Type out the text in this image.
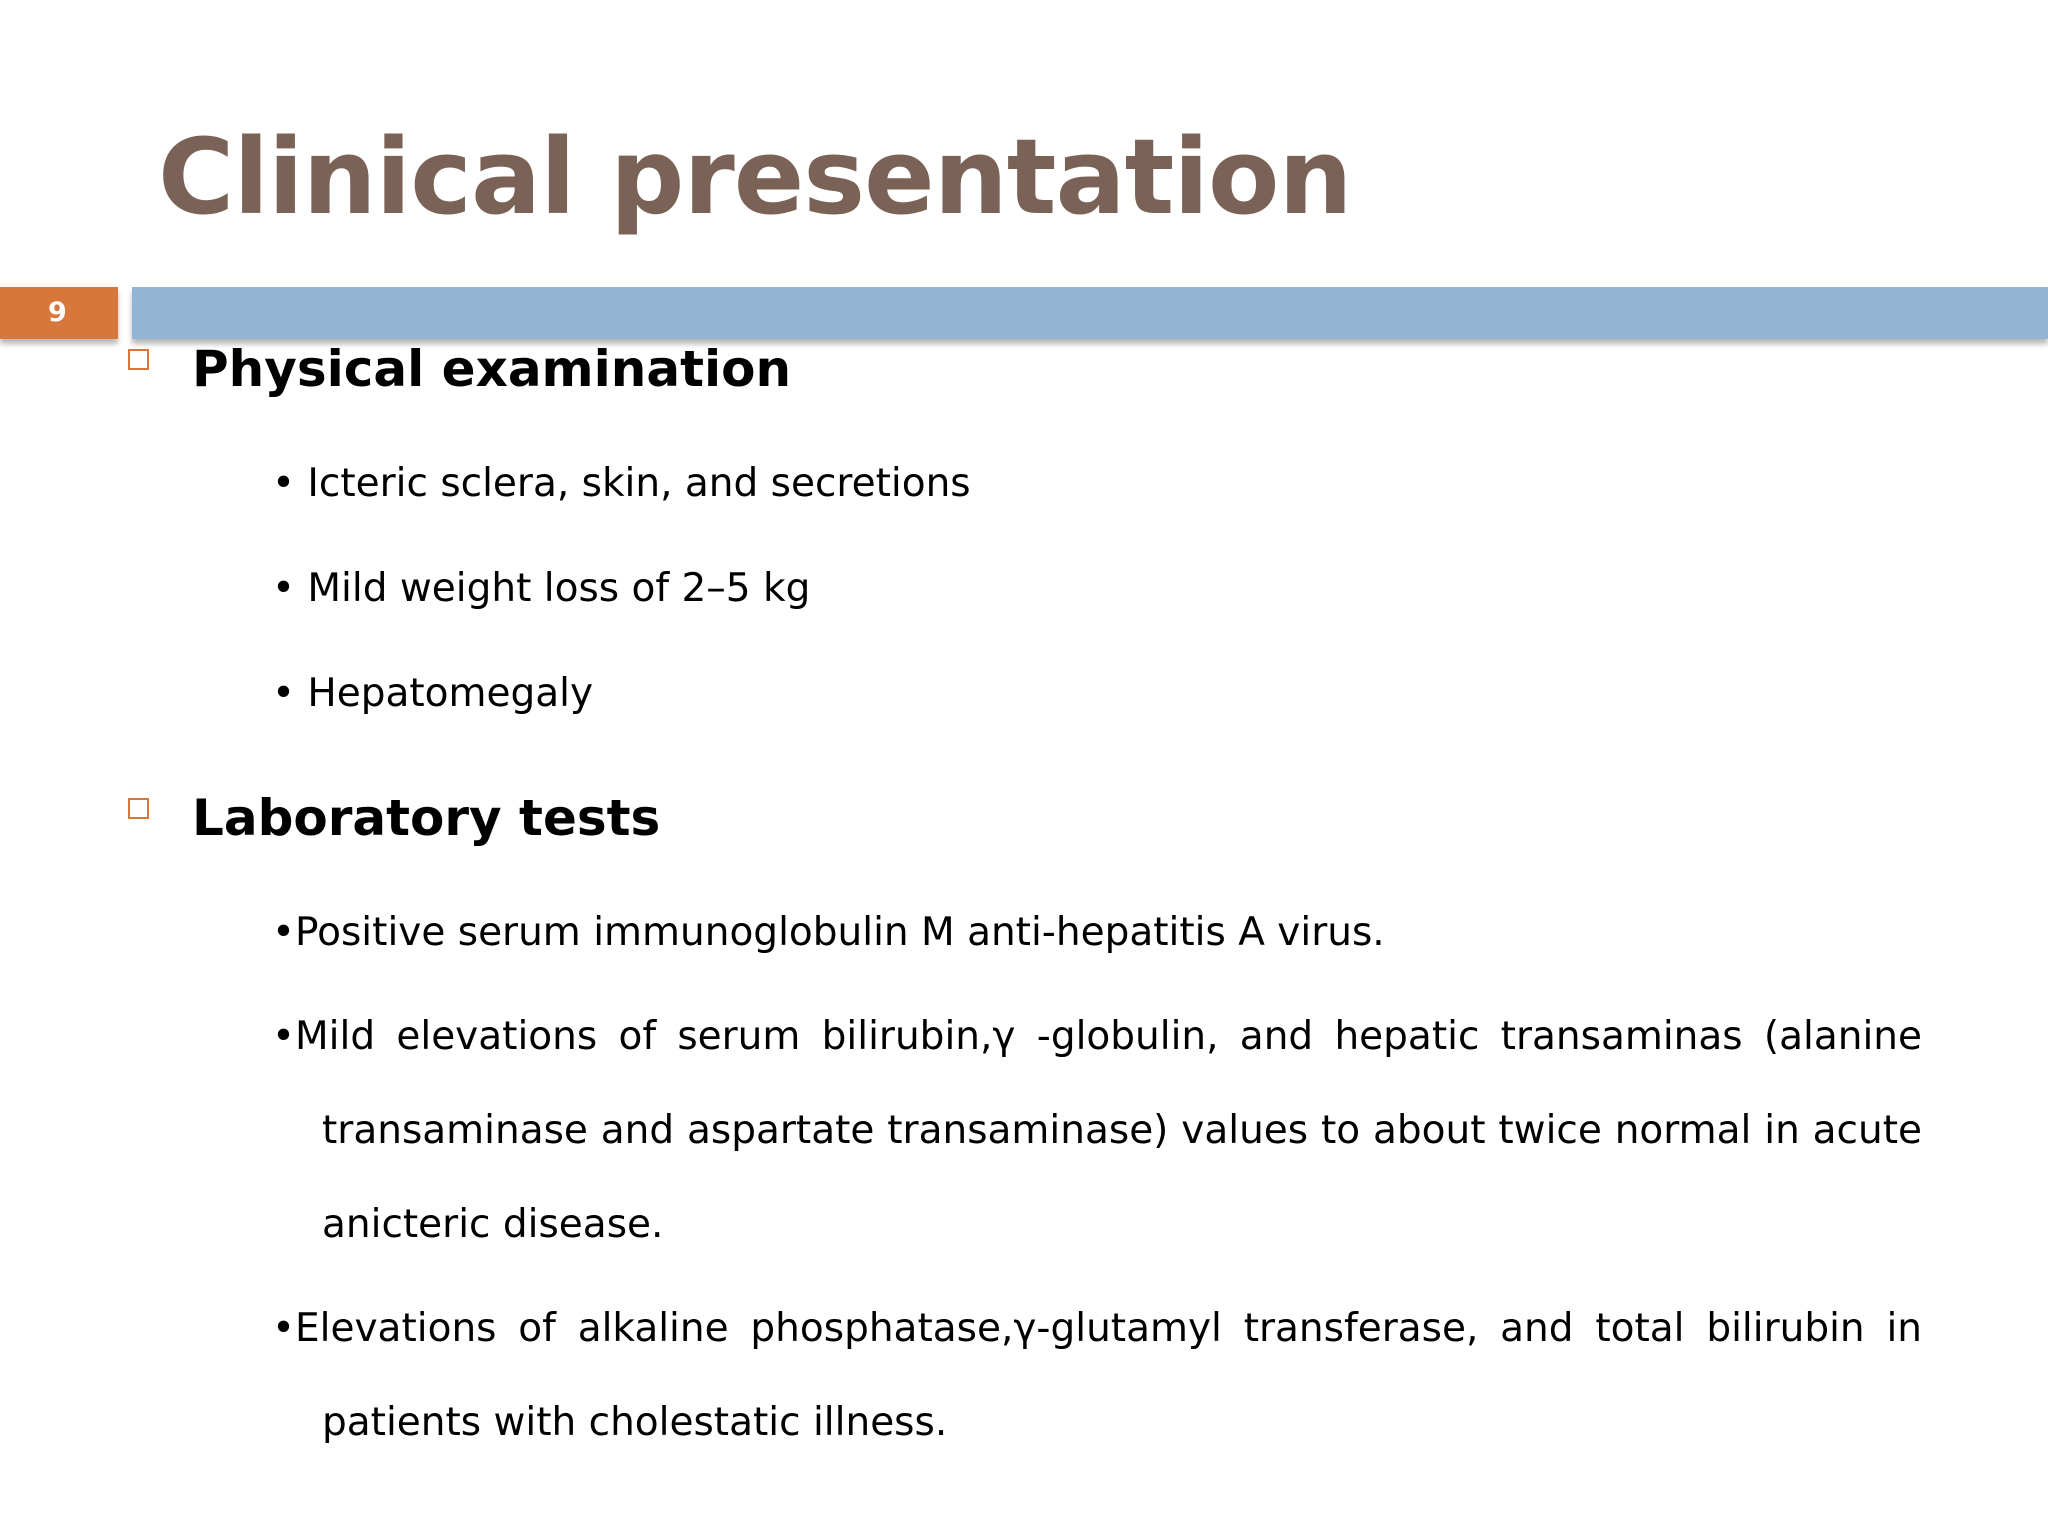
Clinical presentation
9
Physical examination
• Icteric sclera, skin, and secretions
• Mild weight loss of 2–5 kg
• Hepatomegaly
Laboratory tests
•Positive serum immunoglobulin M anti-hepatitis A virus.
•Mild elevations of serum bilirubin,γ -globulin, and hepatic transaminas (alanine
transaminase and aspartate transaminase) values to about twice normal in acute
anicteric disease.
•Elevations of alkaline phosphatase,γ-glutamyl transferase, and total bilirubin in
patients with cholestatic illness.
